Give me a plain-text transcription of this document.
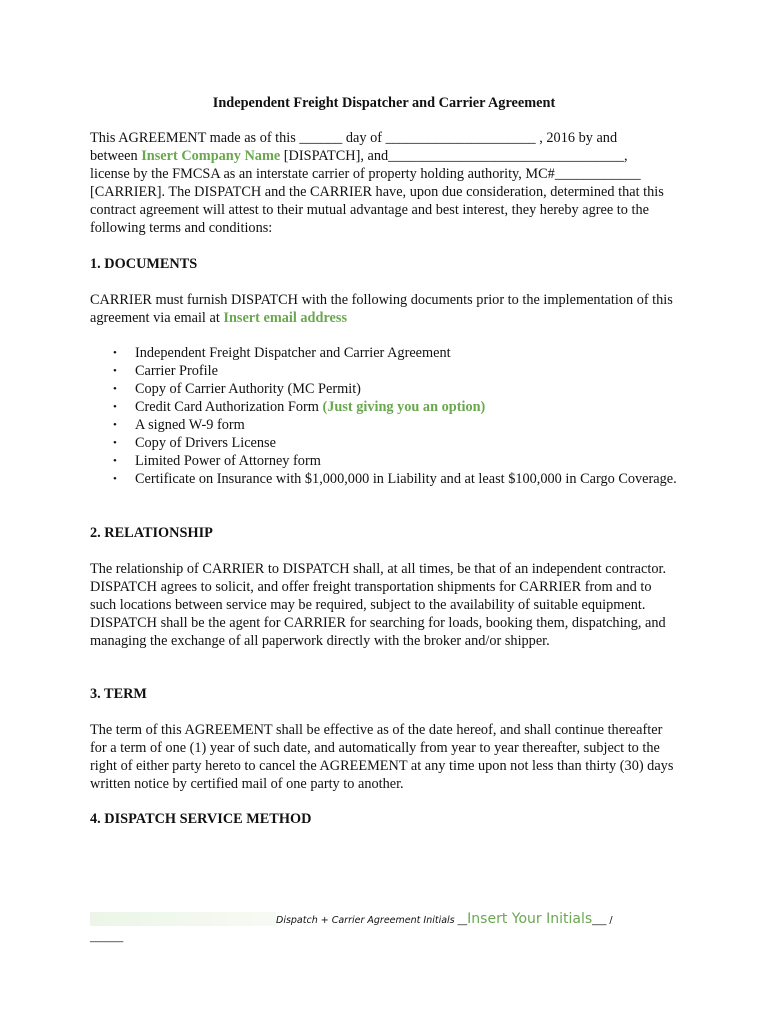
Independent Freight Dispatcher and Carrier Agreement
This AGREEMENT made as of this ______ day of _____________________ , 2016 by and
between Insert Company Name [DISPATCH], and_________________________________,
license by the FMCSA as an interstate carrier of property holding authority, MC#____________ [CARRIER]. The DISPATCH and the CARRIER have, upon due consideration, determined that this contract agreement will attest to their mutual advantage and best interest, they hereby agree to the following terms and conditions:
1. DOCUMENTS
CARRIER must furnish DISPATCH with the following documents prior to the implementation of this agreement via email at Insert email address
• Independent Freight Dispatcher and Carrier Agreement
• Carrier Profile
• Copy of Carrier Authority (MC Permit)
• Credit Card Authorization Form (Just giving you an option)
• A signed W-9 form
• Copy of Drivers License
• Limited Power of Attorney form
• Certificate on Insurance with $1,000,000 in Liability and at least $100,000 in Cargo Coverage.
2. RELATIONSHIP
The relationship of CARRIER to DISPATCH shall, at all times, be that of an independent contractor. DISPATCH agrees to solicit, and offer freight transportation shipments for CARRIER from and to such locations between service may be required, subject to the availability of suitable equipment. DISPATCH shall be the agent for CARRIER for searching for loads, booking them, dispatching, and managing the exchange of all paperwork directly with the broker and/or shipper.
3. TERM
The term of this AGREEMENT shall be effective as of the date hereof, and shall continue thereafter for a term of one (1) year of such date, and automatically from year to year thereafter, subject to the right of either party hereto to cancel the AGREEMENT at any time upon not less than thirty (30) days written notice by certified mail of one party to another.
4. DISPATCH SERVICE METHOD
Dispatch + Carrier Agreement Initials __Insert Your Initials___ /
_______
